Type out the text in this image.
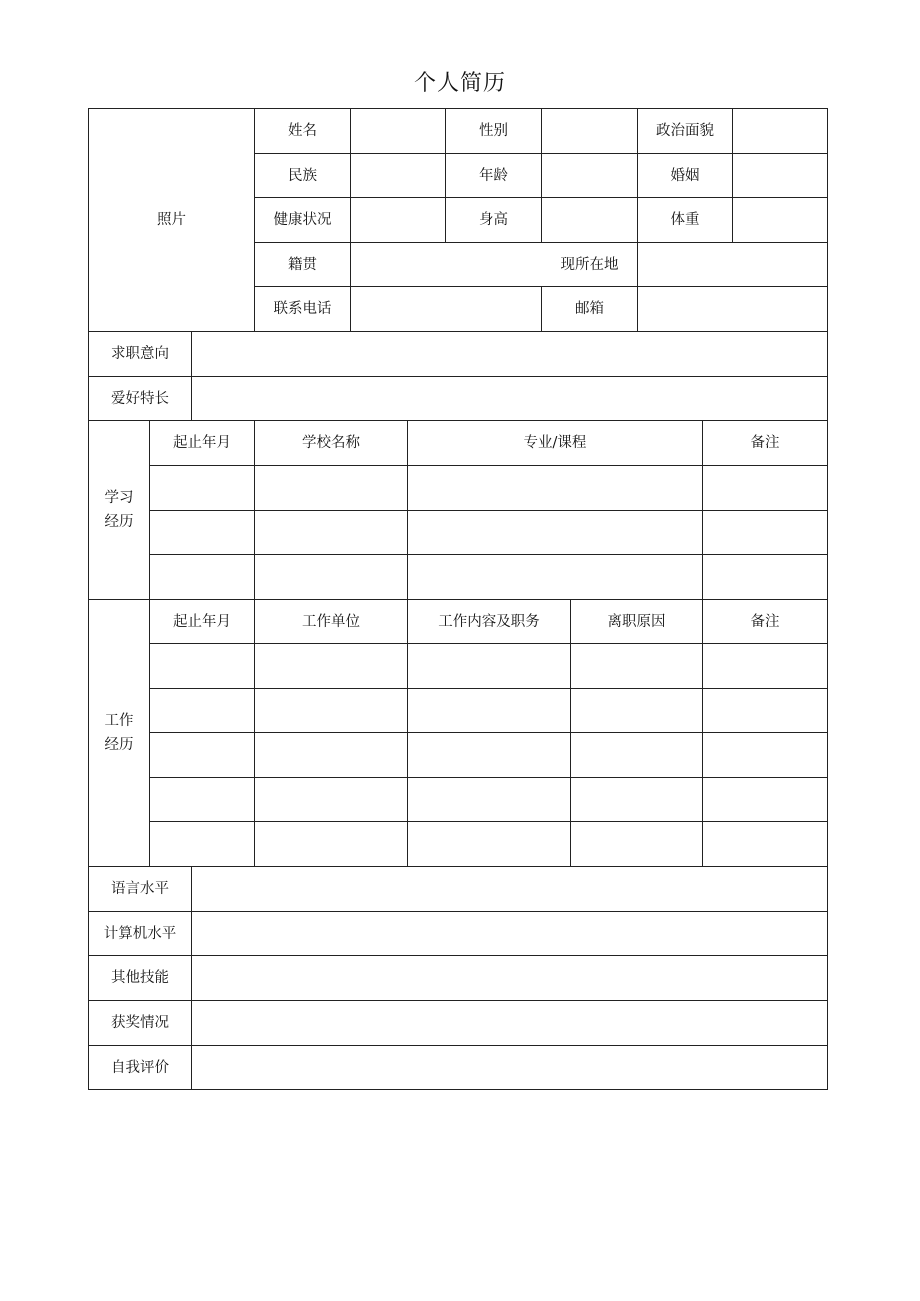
个人简历
照片
姓名	性别	政治面貌
民族	年龄	婚姻
健康状况	身高	体重
籍贯	现所在地
联系电话	邮箱
求职意向
爱好特长
学习
经历
起止年月	学校名称	专业/课程	备注
工作
经历
起止年月	工作单位	工作内容及职务	离职原因	备注
语言水平
计算机水平
其他技能
获奖情况
自我评价
